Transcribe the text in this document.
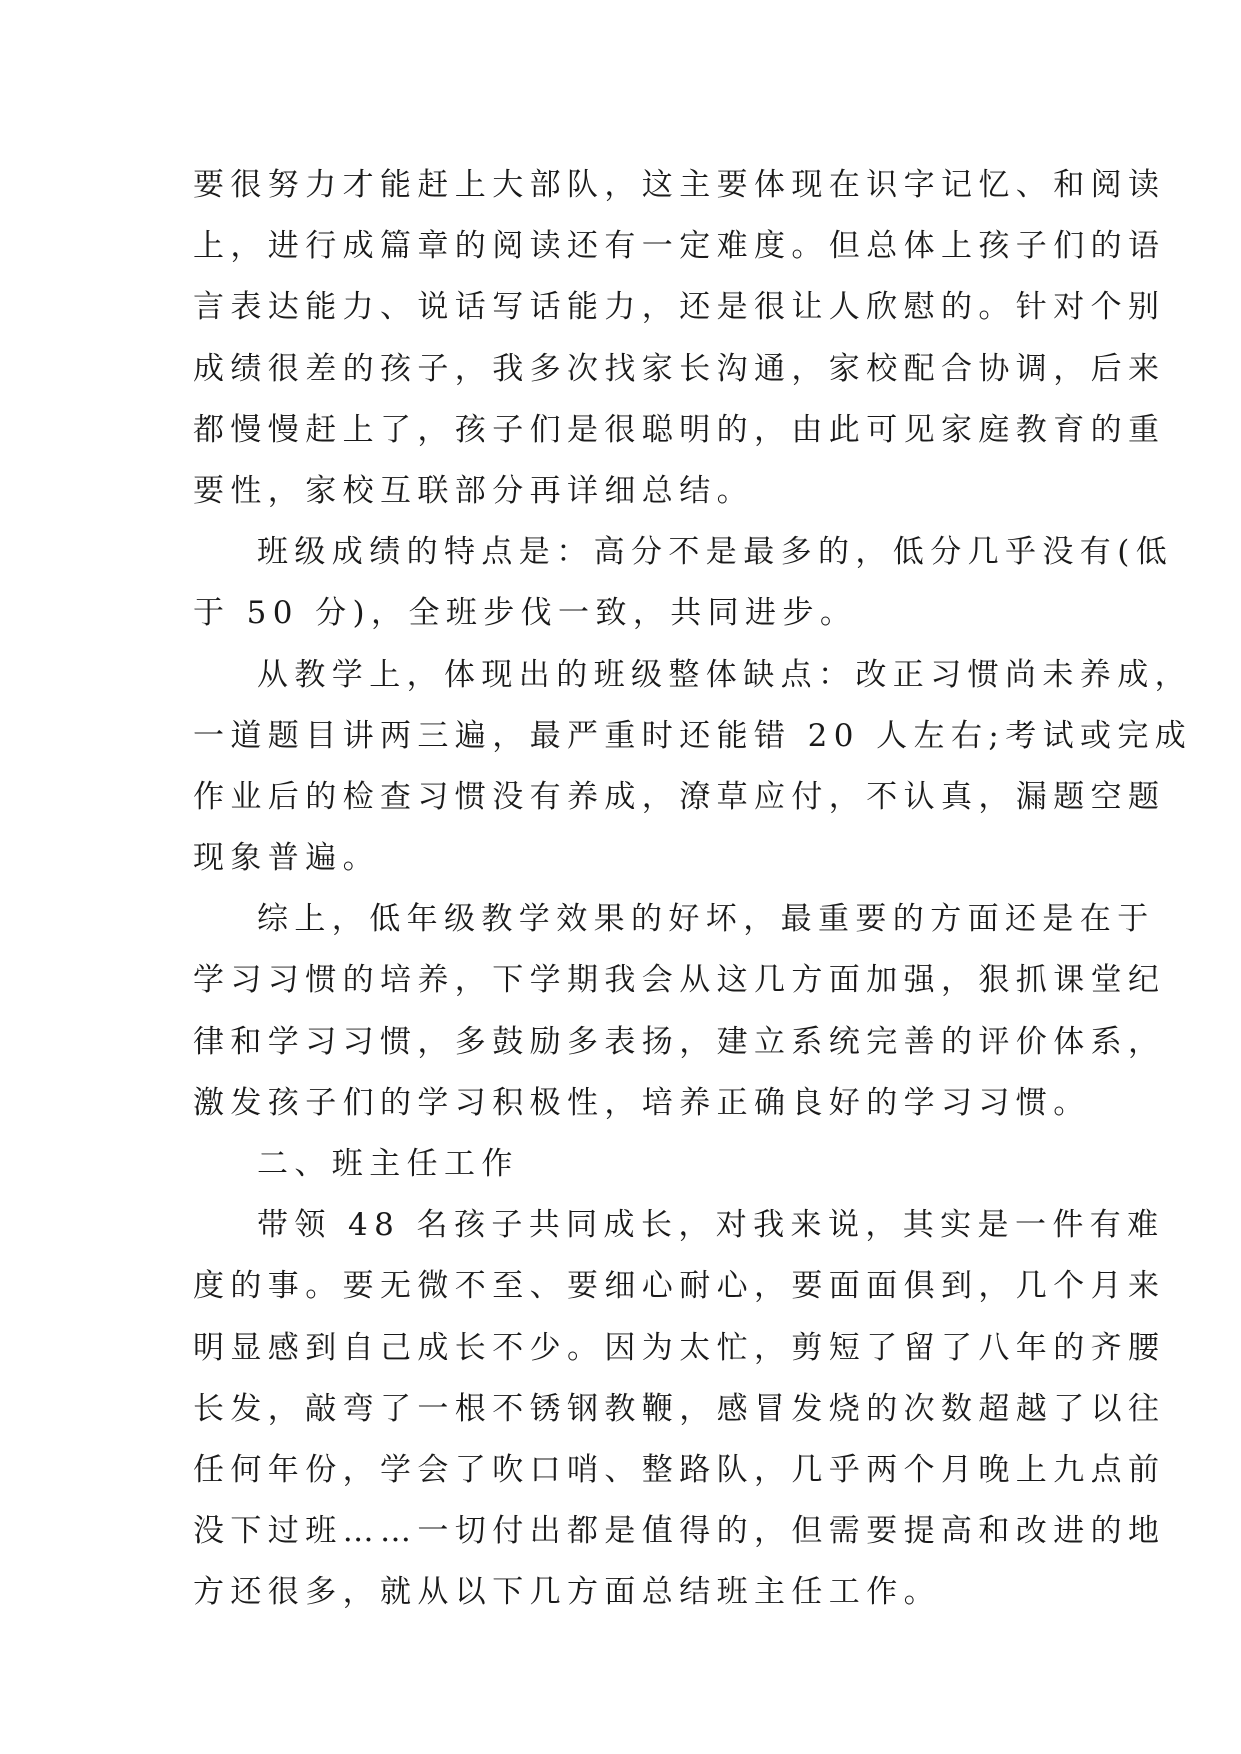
要很努力才能赶上大部队，这主要体现在识字记忆、和阅读
上，进行成篇章的阅读还有一定难度。但总体上孩子们的语
言表达能力、说话写话能力，还是很让人欣慰的。针对个别
成绩很差的孩子，我多次找家长沟通，家校配合协调，后来
都慢慢赶上了，孩子们是很聪明的，由此可见家庭教育的重
要性，家校互联部分再详细总结。
班级成绩的特点是：高分不是最多的，低分几乎没有(低
于 50 分)，全班步伐一致，共同进步。
从教学上，体现出的班级整体缺点：改正习惯尚未养成，
一道题目讲两三遍，最严重时还能错 20 人左右;考试或完成
作业后的检查习惯没有养成，潦草应付，不认真，漏题空题
现象普遍。
综上，低年级教学效果的好坏，最重要的方面还是在于
学习习惯的培养，下学期我会从这几方面加强，狠抓课堂纪
律和学习习惯，多鼓励多表扬，建立系统完善的评价体系，
激发孩子们的学习积极性，培养正确良好的学习习惯。
二、班主任工作
带领 48 名孩子共同成长，对我来说，其实是一件有难
度的事。要无微不至、要细心耐心，要面面俱到，几个月来
明显感到自己成长不少。因为太忙，剪短了留了八年的齐腰
长发，敲弯了一根不锈钢教鞭，感冒发烧的次数超越了以往
任何年份，学会了吹口哨、整路队，几乎两个月晚上九点前
没下过班……一切付出都是值得的，但需要提高和改进的地
方还很多，就从以下几方面总结班主任工作。
